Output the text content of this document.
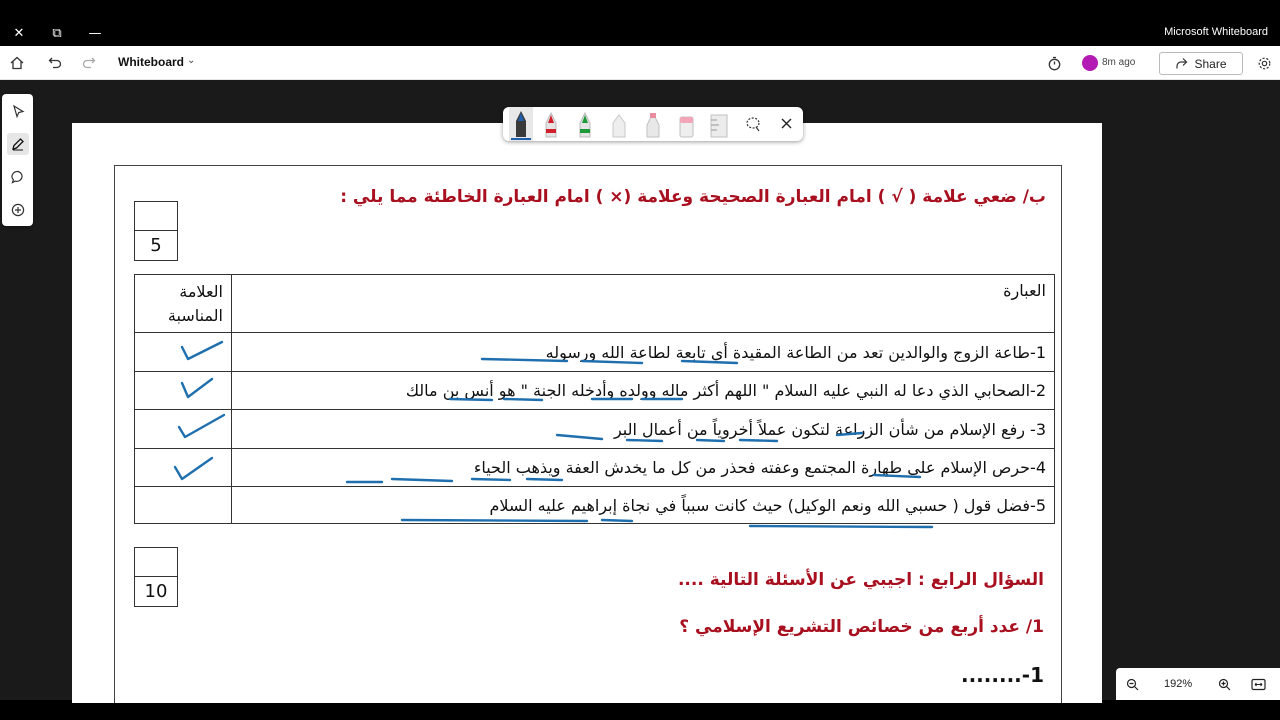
✕ ⧉ —	Microsoft Whiteboard
Whiteboard ⌄	8m ago	Share
ب/ ضعي علامة ( √ ) امام العبارة الصحيحة وعلامة (× ) امام العبارة الخاطئة مما يلي :
5
العلامة المناسبة	العبارة
	1-طاعة الزوج والوالدين تعد من الطاعة المقيدة أي تابعة لطاعة الله ورسوله
	2-الصحابي الذي دعا له النبي عليه السلام " اللهم أكثر ماله وولده وأدخله الجنة " هو أنس بن مالك
	3- رفع الإسلام من شأن الزراعة لتكون عملاً أخروياً من أعمال البر
	4-حرص الإسلام على طهارة المجتمع وعفته فحذر من كل ما يخدش العفة ويذهب الحياء
	5-فضل قول ( حسبي الله ونعم الوكيل) حيث كانت سبباً في نجاة إبراهيم عليه السلام
10
السؤال الرابع : اجيبي عن الأسئلة التالية ....
1/ عدد أربع من خصائص التشريع الإسلامي ؟
1-........	192%
